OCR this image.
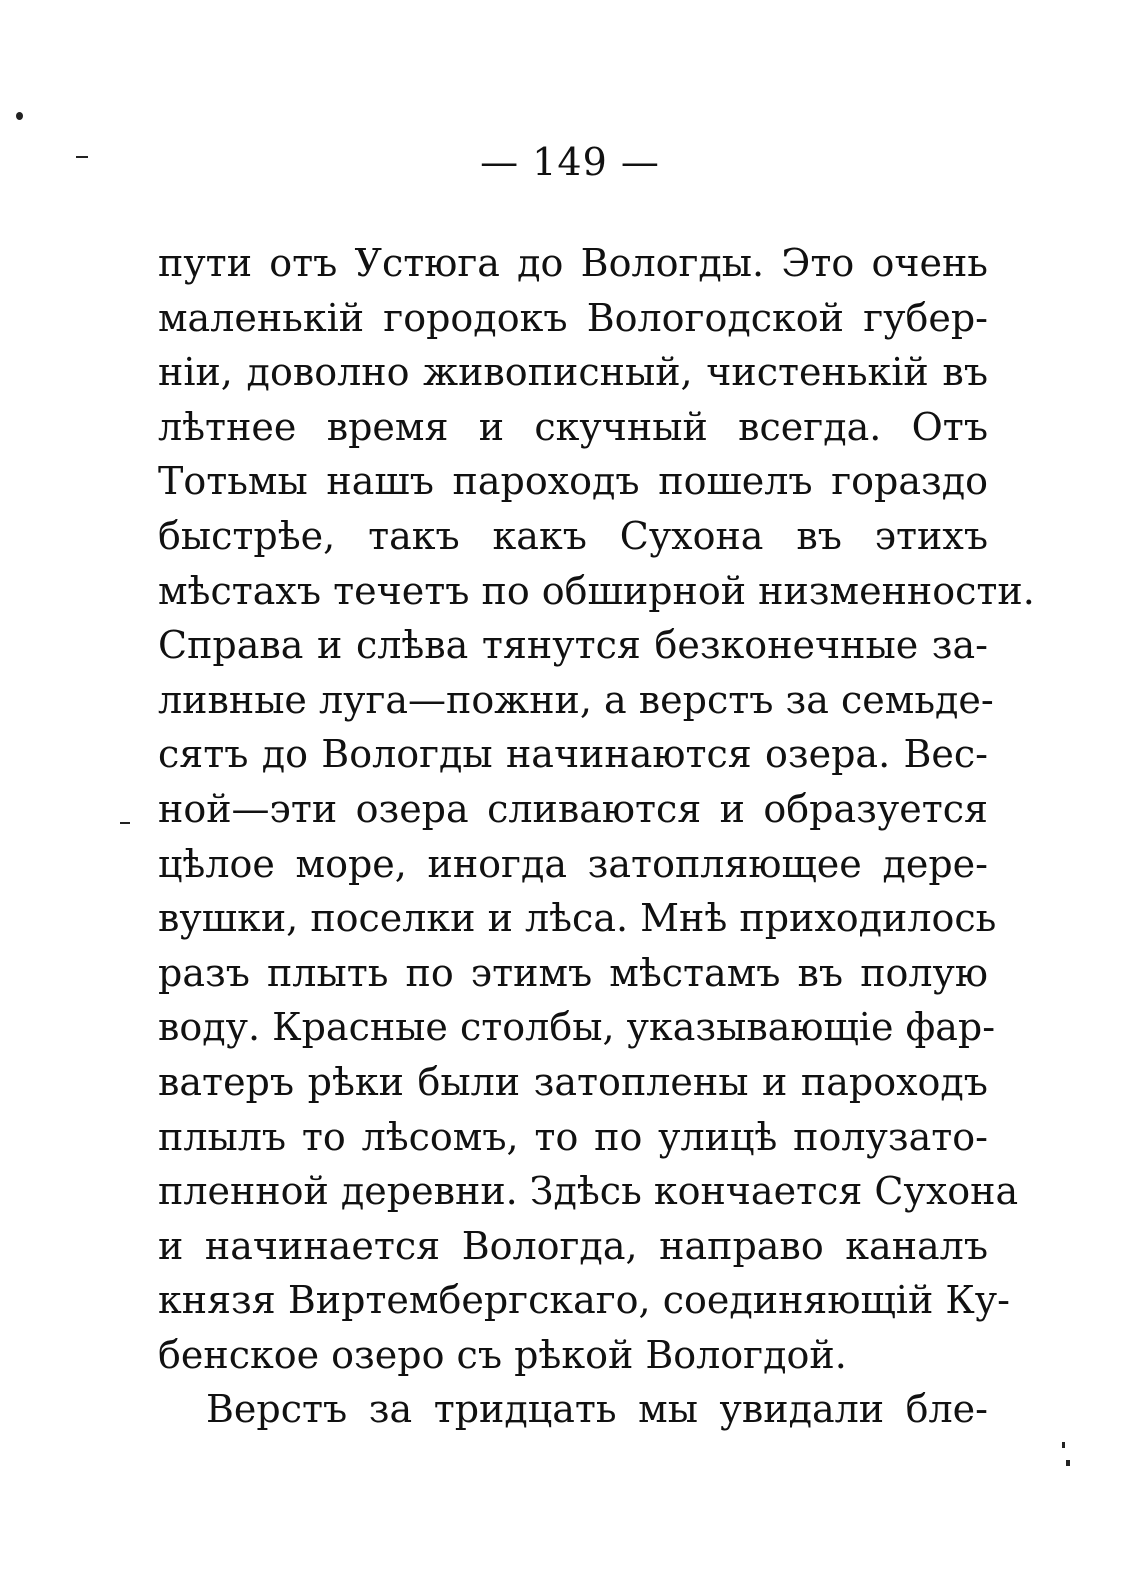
— 149 —
пути отъ Устюга до Вологды. Это очень
маленькій городокъ Вологодской губер-
ніи, доволно живописный, чистенькій въ
лѣтнее время и скучный всегда. Отъ
Тотьмы нашъ пароходъ пошелъ гораздо
быстрѣе, такъ какъ Сухона въ этихъ
мѣстахъ течетъ по обширной низменности.
Справа и слѣва тянутся безконечные за-
ливные луга—пожни, а верстъ за семьде-
сятъ до Вологды начинаются озера. Вес-
ной—эти озера сливаются и образуется
цѣлое море, иногда затопляющее дере-
вушки, поселки и лѣса. Мнѣ приходилось
разъ плыть по этимъ мѣстамъ въ полую
воду. Красные столбы, указывающіе фар-
ватеръ рѣки были затоплены и пароходъ
плылъ то лѣсомъ, то по улицѣ полузато-
пленной деревни. Здѣсь кончается Сухона
и начинается Вологда, направо каналъ
князя Виртембергскаго, соединяющій Ку-
бенское озеро съ рѣкой Вологдой.
Верстъ за тридцать мы увидали бле-
